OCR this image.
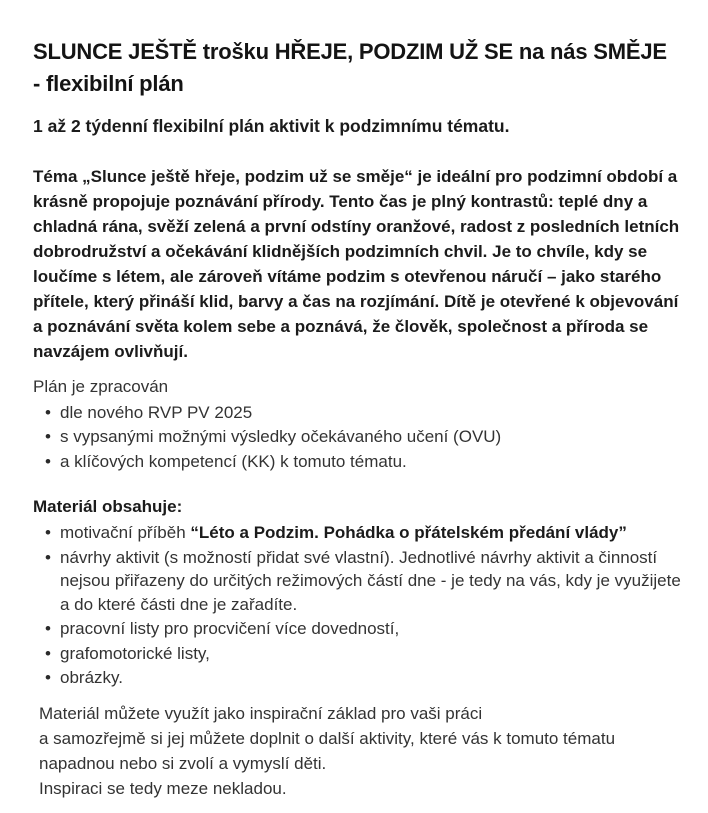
SLUNCE JEŠTĚ trošku HŘEJE, PODZIM UŽ SE na nás SMĚJE
- flexibilní plán
1 až 2 týdenní flexibilní plán aktivit k podzimnímu tématu.
Téma „Slunce ještě hřeje, podzim už se směje“ je ideální pro podzimní období a krásně propojuje poznávání přírody. Tento čas je plný kontrastů: teplé dny a chladná rána, svěží zelená a první odstíny oranžové, radost z posledních letních dobrodružství a očekávání klidnějších podzimních chvil. Je to chvíle, kdy se loučíme s létem, ale zároveň vítáme podzim s otevřenou náručí – jako starého přítele, který přináší klid, barvy a čas na rozjímání. Dítě je otevřené k objevování a poznávání světa kolem sebe a poznává, že člověk, společnost a příroda se navzájem ovlivňují.
Plán je zpracován
• dle nového RVP PV 2025
• s vypsanými možnými výsledky očekávaného učení (OVU)
• a klíčových kompetencí (KK) k tomuto tématu.
Materiál obsahuje:
• motivační příběh “Léto a Podzim. Pohádka o přátelském předání vlády”
• návrhy aktivit (s možností přidat své vlastní). Jednotlivé návrhy aktivit a činností nejsou přiřazeny do určitých režimových částí dne - je tedy na vás, kdy je využijete a do které části dne je zařadíte.
• pracovní listy pro procvičení více dovedností,
• grafomotorické listy,
• obrázky.
Materiál můžete využít jako inspirační základ pro vaši práci
a samozřejmě si jej můžete doplnit o další aktivity, které vás k tomuto tématu
napadnou nebo si zvolí a vymyslí děti.
Inspiraci se tedy meze nekladou.
